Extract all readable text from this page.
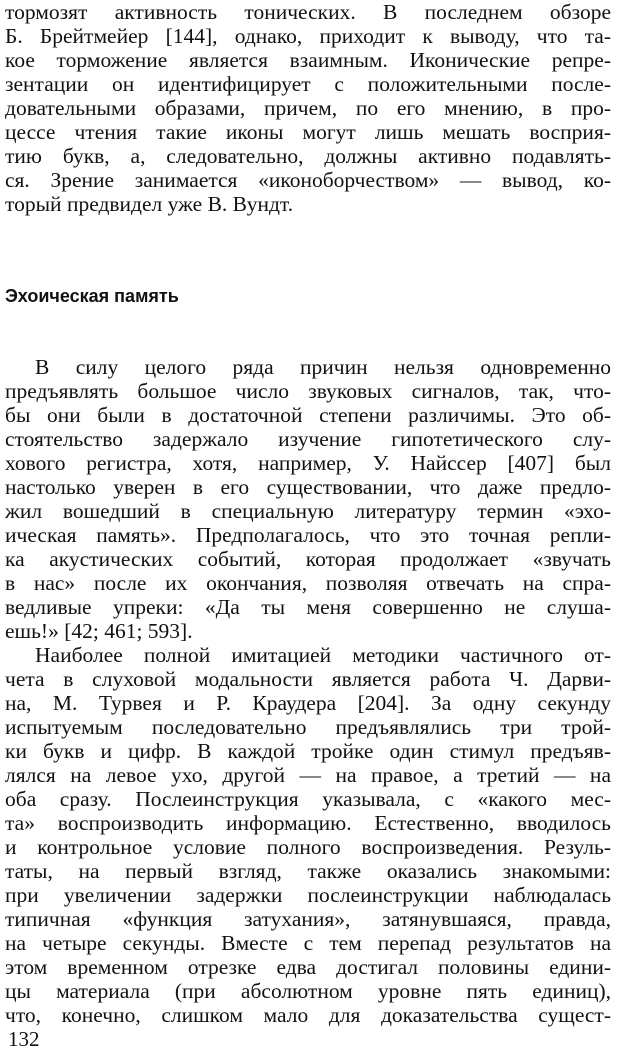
тормозят активность тонических. В последнем обзоре
Б. Брейтмейер [144], однако, приходит к выводу, что та-
кое торможение является взаимным. Иконические репре-
зентации он идентифицирует с положительными после-
довательными образами, причем, по его мнению, в про-
цессе чтения такие иконы могут лишь мешать восприя-
тию букв, а, следовательно, должны активно подавлять-
ся. Зрение занимается «иконоборчеством» — вывод, ко-
торый предвидел уже В. Вундт.
Эхоическая память
В силу целого ряда причин нельзя одновременно
предъявлять большое число звуковых сигналов, так, что-
бы они были в достаточной степени различимы. Это об-
стоятельство задержало изучение гипотетического слу-
хового регистра, хотя, например, У. Найссер [407] был
настолько уверен в его существовании, что даже предло-
жил вошедший в специальную литературу термин «эхо-
ическая память». Предполагалось, что это точная репли-
ка акустических событий, которая продолжает «звучать
в нас» после их окончания, позволяя отвечать на спра-
ведливые упреки: «Да ты меня совершенно не слуша-
ешь!» [42; 461; 593].
Наиболее полной имитацией методики частичного от-
чета в слуховой модальности является работа Ч. Дарви-
на, М. Турвея и Р. Краудера [204]. За одну секунду
испытуемым последовательно предъявлялись три трой-
ки букв и цифр. В каждой тройке один стимул предъяв-
лялся на левое ухо, другой — на правое, а третий — на
оба сразу. Послеинструкция указывала, с «какого мес-
та» воспроизводить информацию. Естественно, вводилось
и контрольное условие полного воспроизведения. Резуль-
таты, на первый взгляд, также оказались знакомыми:
при увеличении задержки послеинструкции наблюдалась
типичная «функция затухания», затянувшаяся, правда,
на четыре секунды. Вместе с тем перепад результатов на
этом временном отрезке едва достигал половины едини-
цы материала (при абсолютном уровне пять единиц),
что, конечно, слишком мало для доказательства сущест-
132
